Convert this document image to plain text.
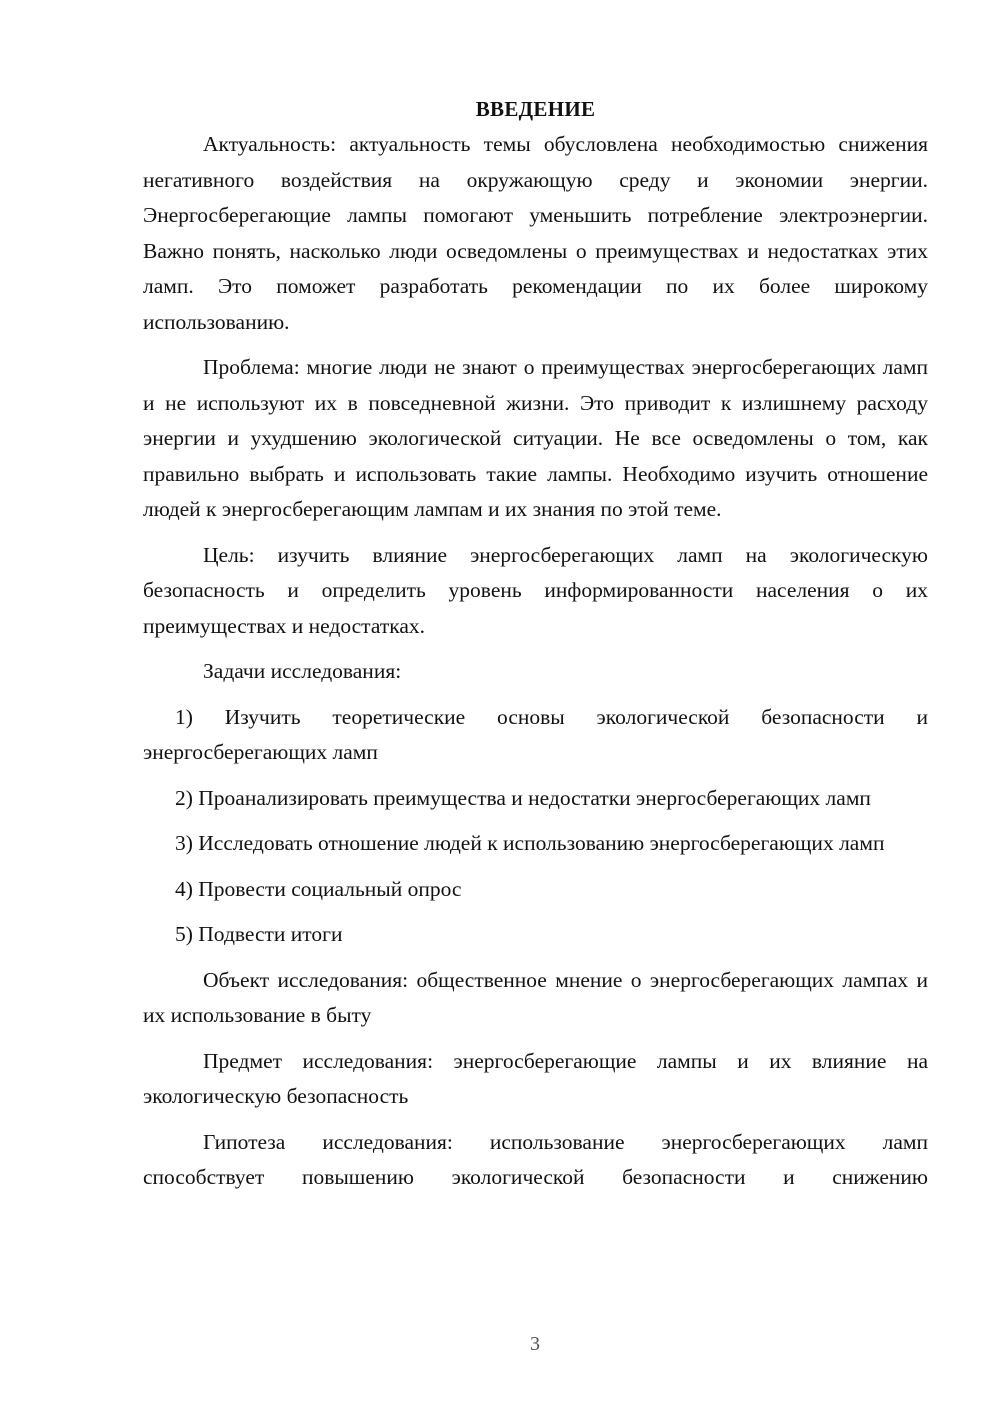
ВВЕДЕНИЕ

Актуальность: актуальность темы обусловлена необходимостью снижения негативного воздействия на окружающую среду и экономии энергии. Энергосберегающие лампы помогают уменьшить потребление электроэнергии. Важно понять, насколько люди осведомлены о преимуществах и недостатках этих ламп. Это поможет разработать рекомендации по их более широкому использованию.

Проблема: многие люди не знают о преимуществах энергосберегающих ламп и не используют их в повседневной жизни. Это приводит к излишнему расходу энергии и ухудшению экологической ситуации. Не все осведомлены о том, как правильно выбрать и использовать такие лампы. Необходимо изучить отношение людей к энергосберегающим лампам и их знания по этой теме.

Цель: изучить влияние энергосберегающих ламп на экологическую безопасность и определить уровень информированности населения о их преимуществах и недостатках.

Задачи исследования:

1) Изучить теоретические основы экологической безопасности и энергосберегающих ламп

2) Проанализировать преимущества и недостатки энергосберегающих ламп

3) Исследовать отношение людей к использованию энергосберегающих ламп

4) Провести социальный опрос

5) Подвести итоги

Объект исследования: общественное мнение о энергосберегающих лампах и их использование в быту

Предмет исследования: энергосберегающие лампы и их влияние на экологическую безопасность

Гипотеза исследования: использование энергосберегающих ламп способствует повышению экологической безопасности и снижению

3
